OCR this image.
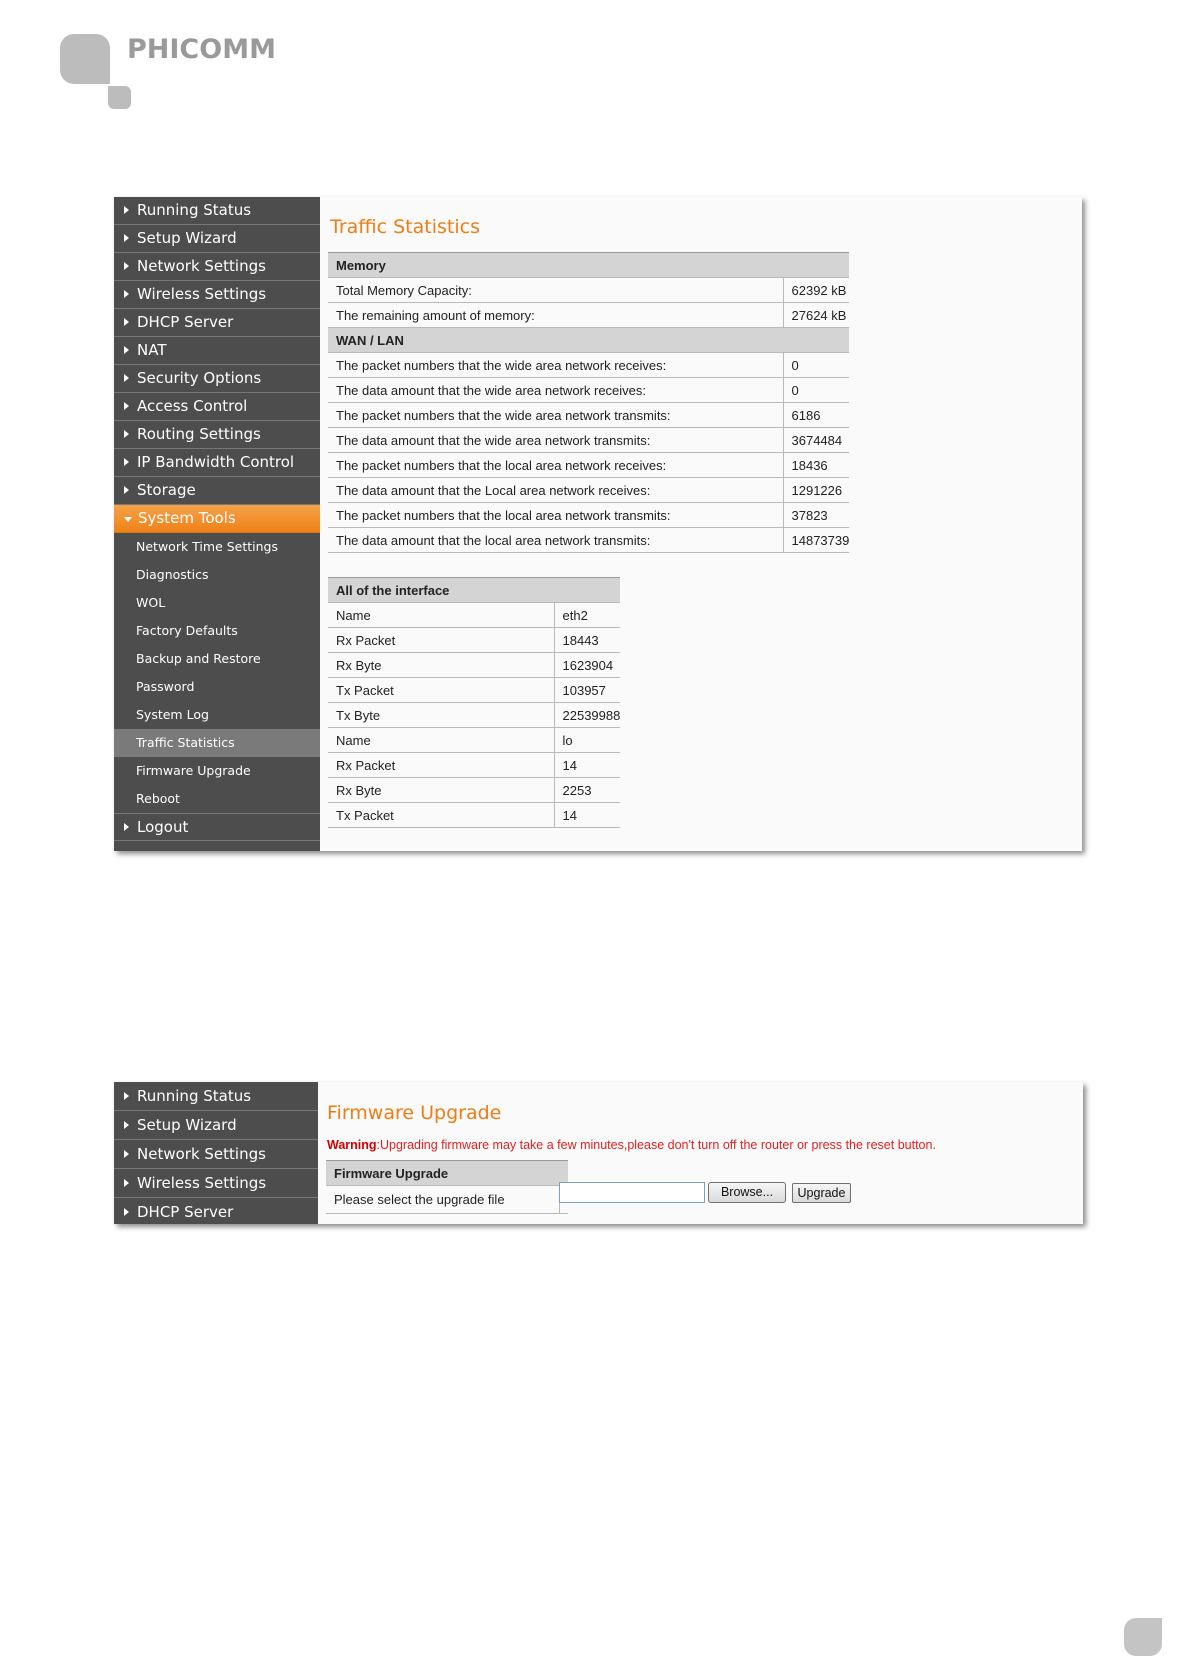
PHICOMM
Running Status
Setup Wizard
Network Settings
Wireless Settings
DHCP Server
NAT
Security Options
Access Control
Routing Settings
IP Bandwidth Control
Storage
System Tools
Network Time Settings
Diagnostics
WOL
Factory Defaults
Backup and Restore
Password
System Log
Traffic Statistics
Firmware Upgrade
Reboot
Logout
Traffic Statistics
Memory	
Total Memory Capacity:	62392 kB
The remaining amount of memory:	27624 kB
WAN / LAN	
The packet numbers that the wide area network receives:	0
The data amount that the wide area network receives:	0
The packet numbers that the wide area network transmits:	6186
The data amount that the wide area network transmits:	3674484
The packet numbers that the local area network receives:	18436
The data amount that the Local area network receives:	1291226
The packet numbers that the local area network transmits:	37823
The data amount that the local area network transmits:	14873739
All of the interface	
Name	eth2
Rx Packet	18443
Rx Byte	1623904
Tx Packet	103957
Tx Byte	22539988
Name	lo
Rx Packet	14
Rx Byte	2253
Tx Packet	14
Running Status
Setup Wizard
Network Settings
Wireless Settings
DHCP Server
Firmware Upgrade
Warning:Upgrading firmware may take a few minutes,please don't turn off the router or press the reset button.
Firmware Upgrade
Please select the upgrade file		Browse...	Upgrade
